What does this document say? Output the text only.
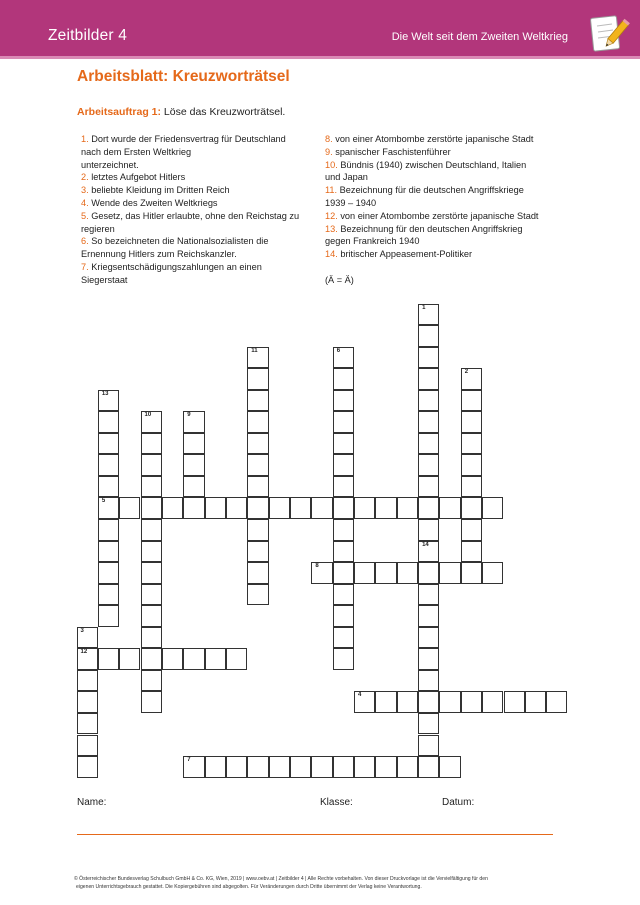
Zeitbilder 4	Die Welt seit dem Zweiten Weltkrieg
Arbeitsblatt: Kreuzworträtsel
Arbeitsauftrag 1: Löse das Kreuzworträtsel.
1. Dort wurde der Friedensvertrag für Deutschland
nach dem Ersten Weltkrieg
unterzeichnet.
2. letztes Aufgebot Hitlers
3. beliebte Kleidung im Dritten Reich
4. Wende des Zweiten Weltkriegs
5. Gesetz, das Hitler erlaubte, ohne den Reichstag zu
regieren
6. So bezeichneten die Nationalsozialisten die
Ernennung Hitlers zum Reichskanzler.
7. Kriegsentschädigungszahlungen an einen
Siegerstaat
8. von einer Atombombe zerstörte japanische Stadt
9. spanischer Faschistenführer
10. Bündnis (1940) zwischen Deutschland, Italien
und Japan
11. Bezeichnung für die deutschen Angriffskriege
1939 – 1940
12. von einer Atombombe zerstörte japanische Stadt
13. Bezeichnung für den deutschen Angriffskrieg
gegen Frankreich 1940
14. britischer Appeasement-Politiker
(Ä = Ä)
1
14
2
3
12
4
5
6
7
8
9
10
11
13
Name:	Klasse:	Datum:
© Österreichischer Bundesverlag Schulbuch GmbH & Co. KG, Wien, 2019 | www.oebv.at | Zeitbilder 4 | Alle Rechte vorbehalten. Von dieser Druckvorlage ist die Vervielfältigung für den
eigenen Unterrichtsgebrauch gestattet. Die Kopiergebühren sind abgegolten. Für Veränderungen durch Dritte übernimmt der Verlag keine Verantwortung.
